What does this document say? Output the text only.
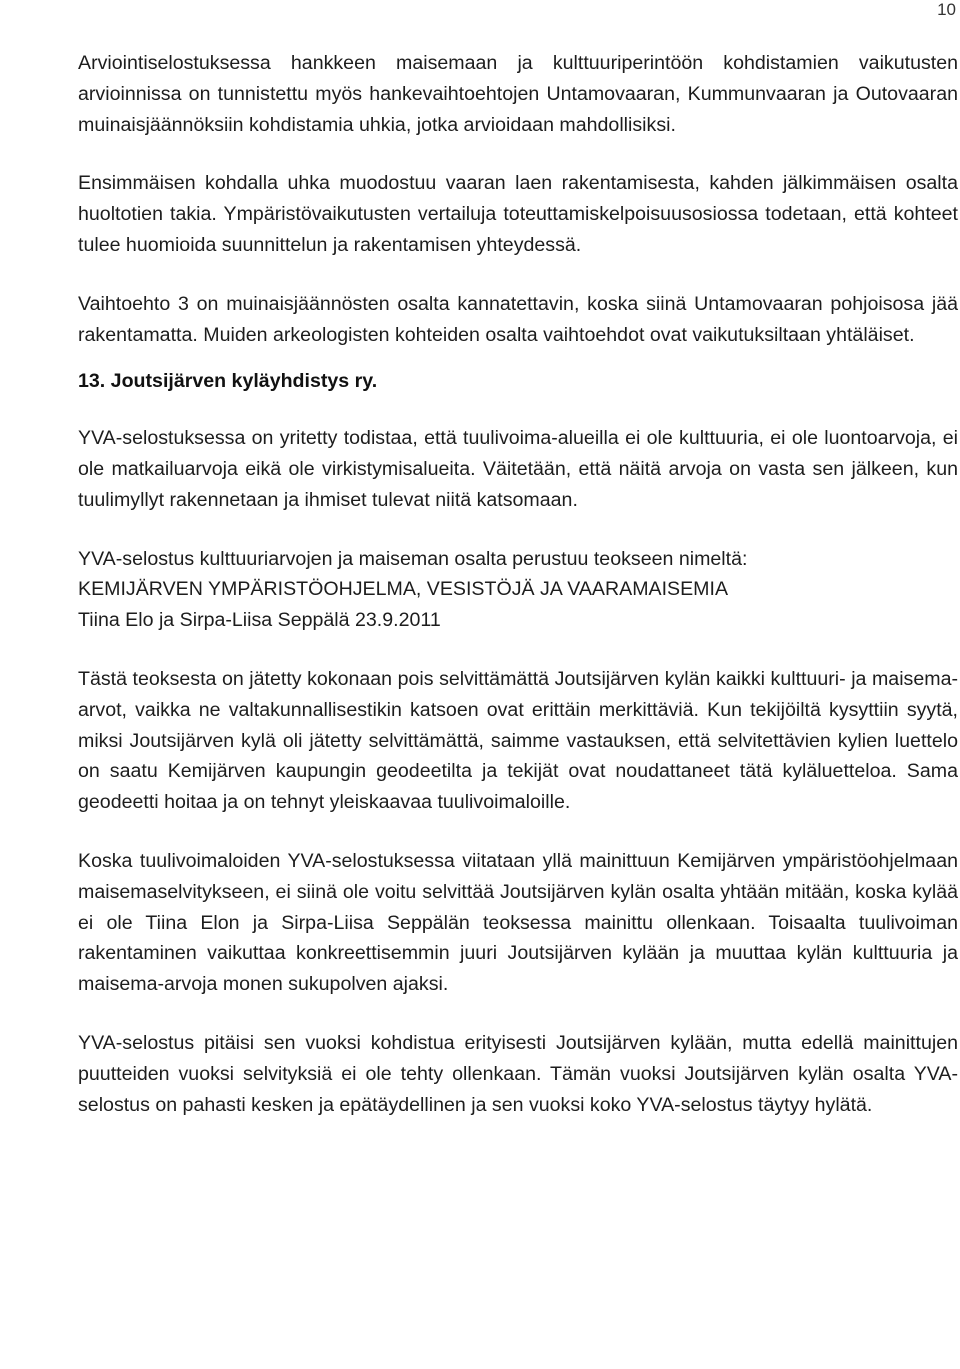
10

Arviointiselostuksessa hankkeen maisemaan ja kulttuuriperintöön kohdistamien vaikutusten arvioinnissa on tunnistettu myös hankevaihtoehtojen Untamovaaran, Kummunvaaran ja Outovaaran muinaisjäännöksiin kohdistamia uhkia, jotka arvioidaan mahdollisiksi.

Ensimmäisen kohdalla uhka muodostuu vaaran laen rakentamisesta, kahden jälkimmäisen osalta huoltotien takia. Ympäristövaikutusten vertailuja toteuttamiskelpoisuusosiossa todetaan, että kohteet tulee huomioida suunnittelun ja rakentamisen yhteydessä.

Vaihtoehto 3 on muinaisjäännösten osalta kannatettavin, koska siinä Untamovaaran pohjoisosa jää rakentamatta. Muiden arkeologisten kohteiden osalta vaihtoehdot ovat vaikutuksiltaan yhtäläiset.

13. Joutsijärven kyläyhdistys ry.

YVA-selostuksessa on yritetty todistaa, että tuulivoima-alueilla ei ole kulttuuria, ei ole luontoarvoja, ei ole matkailuarvoja eikä ole virkistymisalueita. Väitetään, että näitä arvoja on vasta sen jälkeen, kun tuulimyllyt rakennetaan ja ihmiset tulevat niitä katsomaan.

YVA-selostus kulttuuriarvojen ja maiseman osalta perustuu teokseen nimeltä:
KEMIJÄRVEN YMPÄRISTÖOHJELMA, VESISTÖJÄ JA VAARAMAISEMIA
Tiina Elo ja Sirpa-Liisa Seppälä 23.9.2011

Tästä teoksesta on jätetty kokonaan pois selvittämättä Joutsijärven kylän kaikki kulttuuri- ja maisema-arvot, vaikka ne valtakunnallisestikin katsoen ovat erittäin merkittäviä. Kun tekijöiltä kysyttiin syytä, miksi Joutsijärven kylä oli jätetty selvittämättä, saimme vastauksen, että selvitettävien kylien luettelo on saatu Kemijärven kaupungin geodeetilta ja tekijät ovat noudattaneet tätä kyläluetteloa. Sama geodeetti hoitaa ja on tehnyt yleiskaavaa tuulivoimaloille.

Koska tuulivoimaloiden YVA-selostuksessa viitataan yllä mainittuun Kemijärven ympäristöohjelmaan maisemaselvitykseen, ei siinä ole voitu selvittää Joutsijärven kylän osalta yhtään mitään, koska kylää ei ole Tiina Elon ja Sirpa-Liisa Seppälän teoksessa mainittu ollenkaan. Toisaalta tuulivoiman rakentaminen vaikuttaa konkreettisemmin juuri Joutsijärven kylään ja muuttaa kylän kulttuuria ja maisema-arvoja monen sukupolven ajaksi.

YVA-selostus pitäisi sen vuoksi kohdistua erityisesti Joutsijärven kylään, mutta edellä mainittujen puutteiden vuoksi selvityksiä ei ole tehty ollenkaan. Tämän vuoksi Joutsijärven kylän osalta YVA-selostus on pahasti kesken ja epätäydellinen ja sen vuoksi koko YVA-selostus täytyy hylätä.
